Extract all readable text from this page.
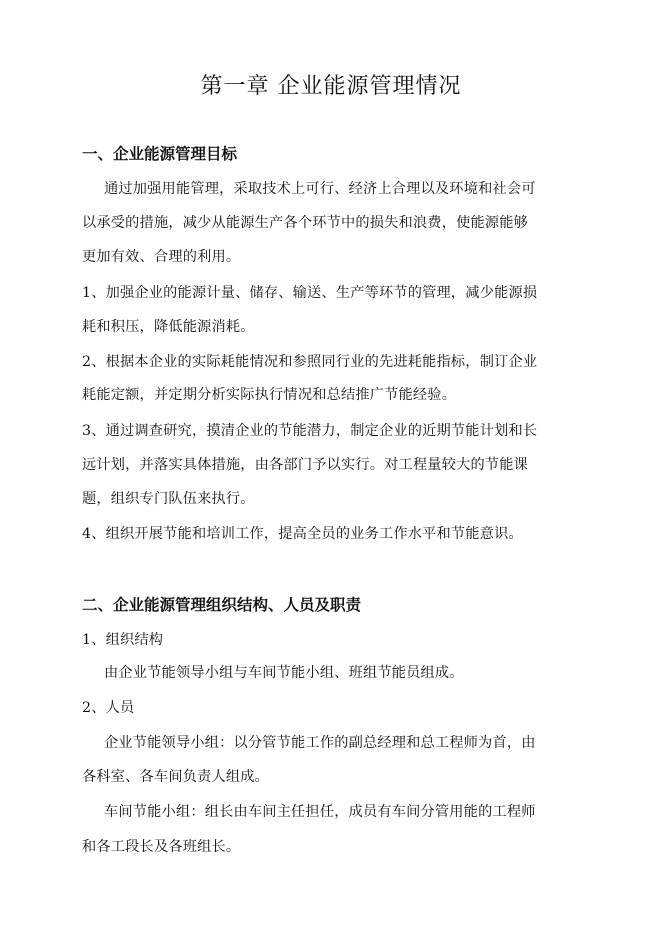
第一章 企业能源管理情况
一、企业能源管理目标
通过加强用能管理，采取技术上可行、经济上合理以及环境和社会可
以承受的措施，减少从能源生产各个环节中的损失和浪费，使能源能够
更加有效、合理的利用。
1、加强企业的能源计量、储存、输送、生产等环节的管理，减少能源损
耗和积压，降低能源消耗。
2、根据本企业的实际耗能情况和参照同行业的先进耗能指标，制订企业
耗能定额，并定期分析实际执行情况和总结推广节能经验。
3、通过调查研究，摸清企业的节能潜力，制定企业的近期节能计划和长
远计划，并落实具体措施，由各部门予以实行。对工程量较大的节能课
题，组织专门队伍来执行。
4、组织开展节能和培训工作，提高全员的业务工作水平和节能意识。
二、企业能源管理组织结构、人员及职责
1、组织结构
由企业节能领导小组与车间节能小组、班组节能员组成。
2、人员
企业节能领导小组：以分管节能工作的副总经理和总工程师为首，由
各科室、各车间负责人组成。
车间节能小组：组长由车间主任担任，成员有车间分管用能的工程师
和各工段长及各班组长。
